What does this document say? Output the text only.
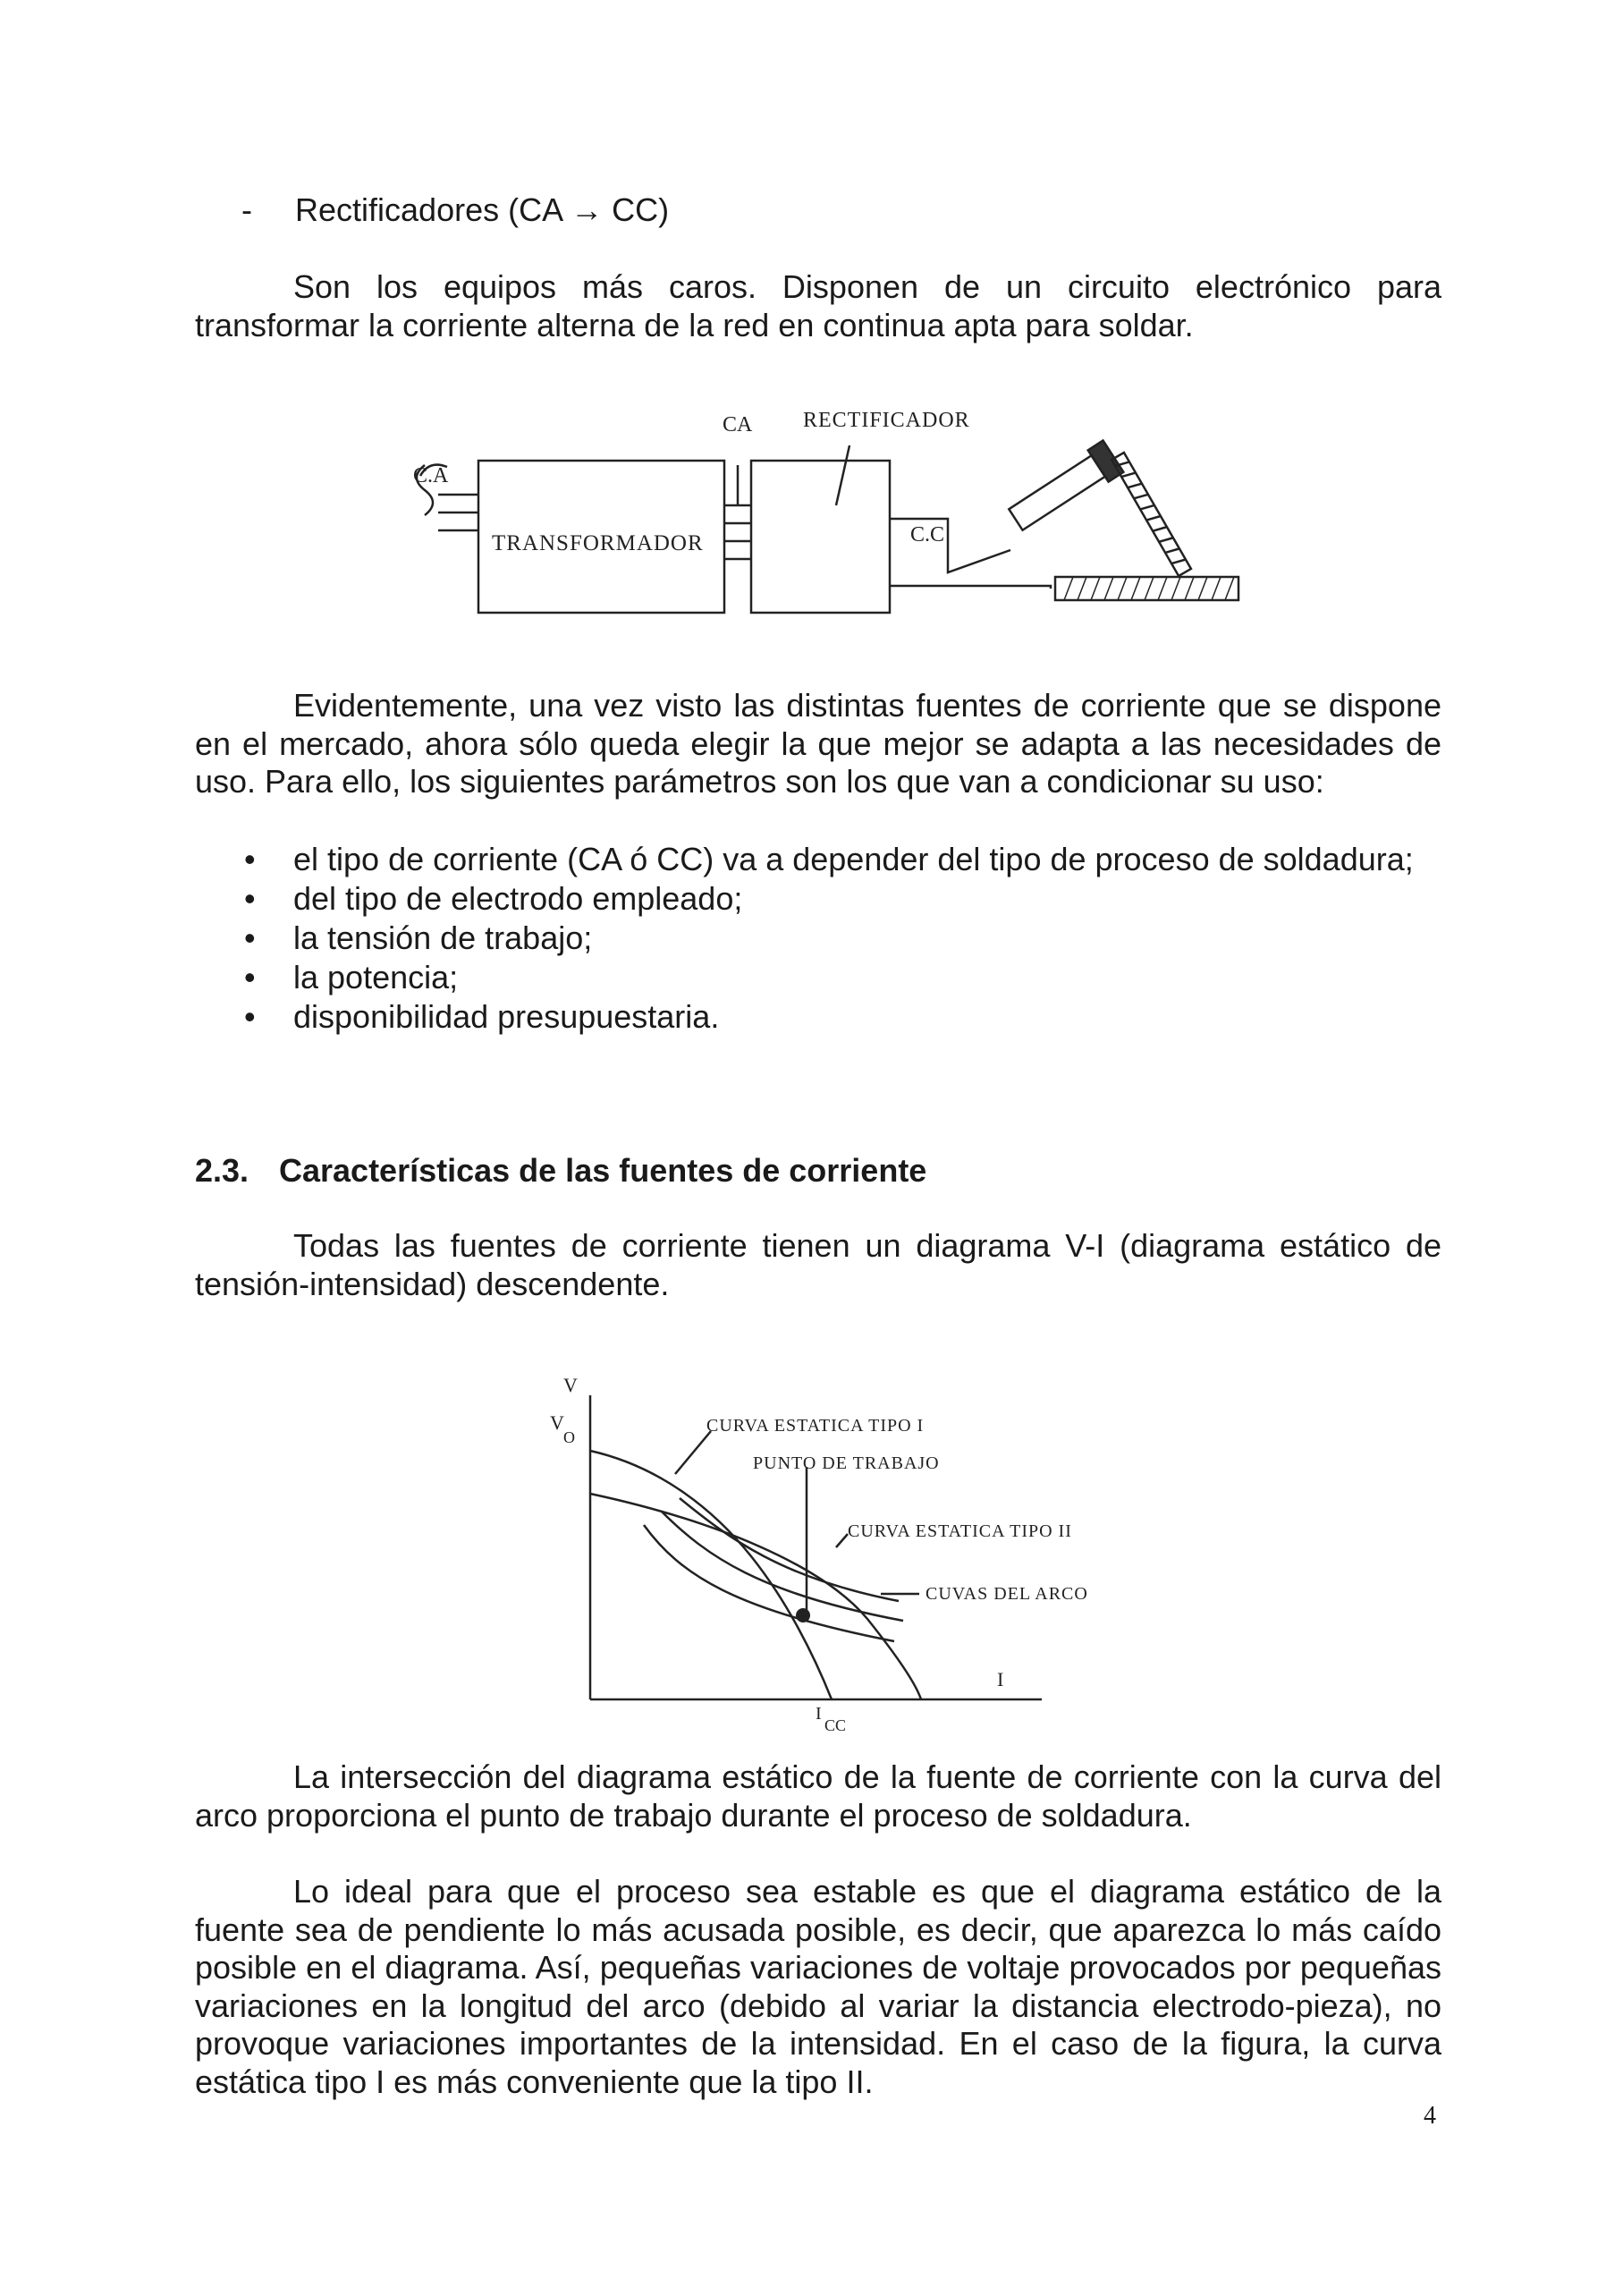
- Rectificadores (CA → CC)

Son los equipos más caros. Disponen de un circuito electrónico para transformar la corriente alterna de la red en continua apta para soldar.

C.A
TRANSFORMADOR
CA RECTIFICADOR
C.C

Evidentemente, una vez visto las distintas fuentes de corriente que se dispone en el mercado, ahora sólo queda elegir la que mejor se adapta a las necesidades de uso. Para ello, los siguientes parámetros son los que van a condicionar su uso:

• el tipo de corriente (CA ó CC) va a depender del tipo de proceso de soldadura;
• del tipo de electrodo empleado;
• la tensión de trabajo;
• la potencia;
• disponibilidad presupuestaria.
2.3. Características de las fuentes de corriente

Todas las fuentes de corriente tienen un diagrama V-I (diagrama estático de tensión-intensidad) descendente.

V
V
O
I
I
CC
CURVA ESTATICA TIPO I
PUNTO DE TRABAJO
CURVA ESTATICA TIPO II
CUVAS DEL ARCO

La intersección del diagrama estático de la fuente de corriente con la curva del arco proporciona el punto de trabajo durante el proceso de soldadura.

Lo ideal para que el proceso sea estable es que el diagrama estático de la fuente sea de pendiente lo más acusada posible, es decir, que aparezca lo más caído posible en el diagrama. Así, pequeñas variaciones de voltaje provocados por pequeñas variaciones en la longitud del arco (debido al variar la distancia electrodo-pieza), no provoque variaciones importantes de la intensidad. En el caso de la figura, la curva estática tipo I es más conveniente que la tipo II.

4
